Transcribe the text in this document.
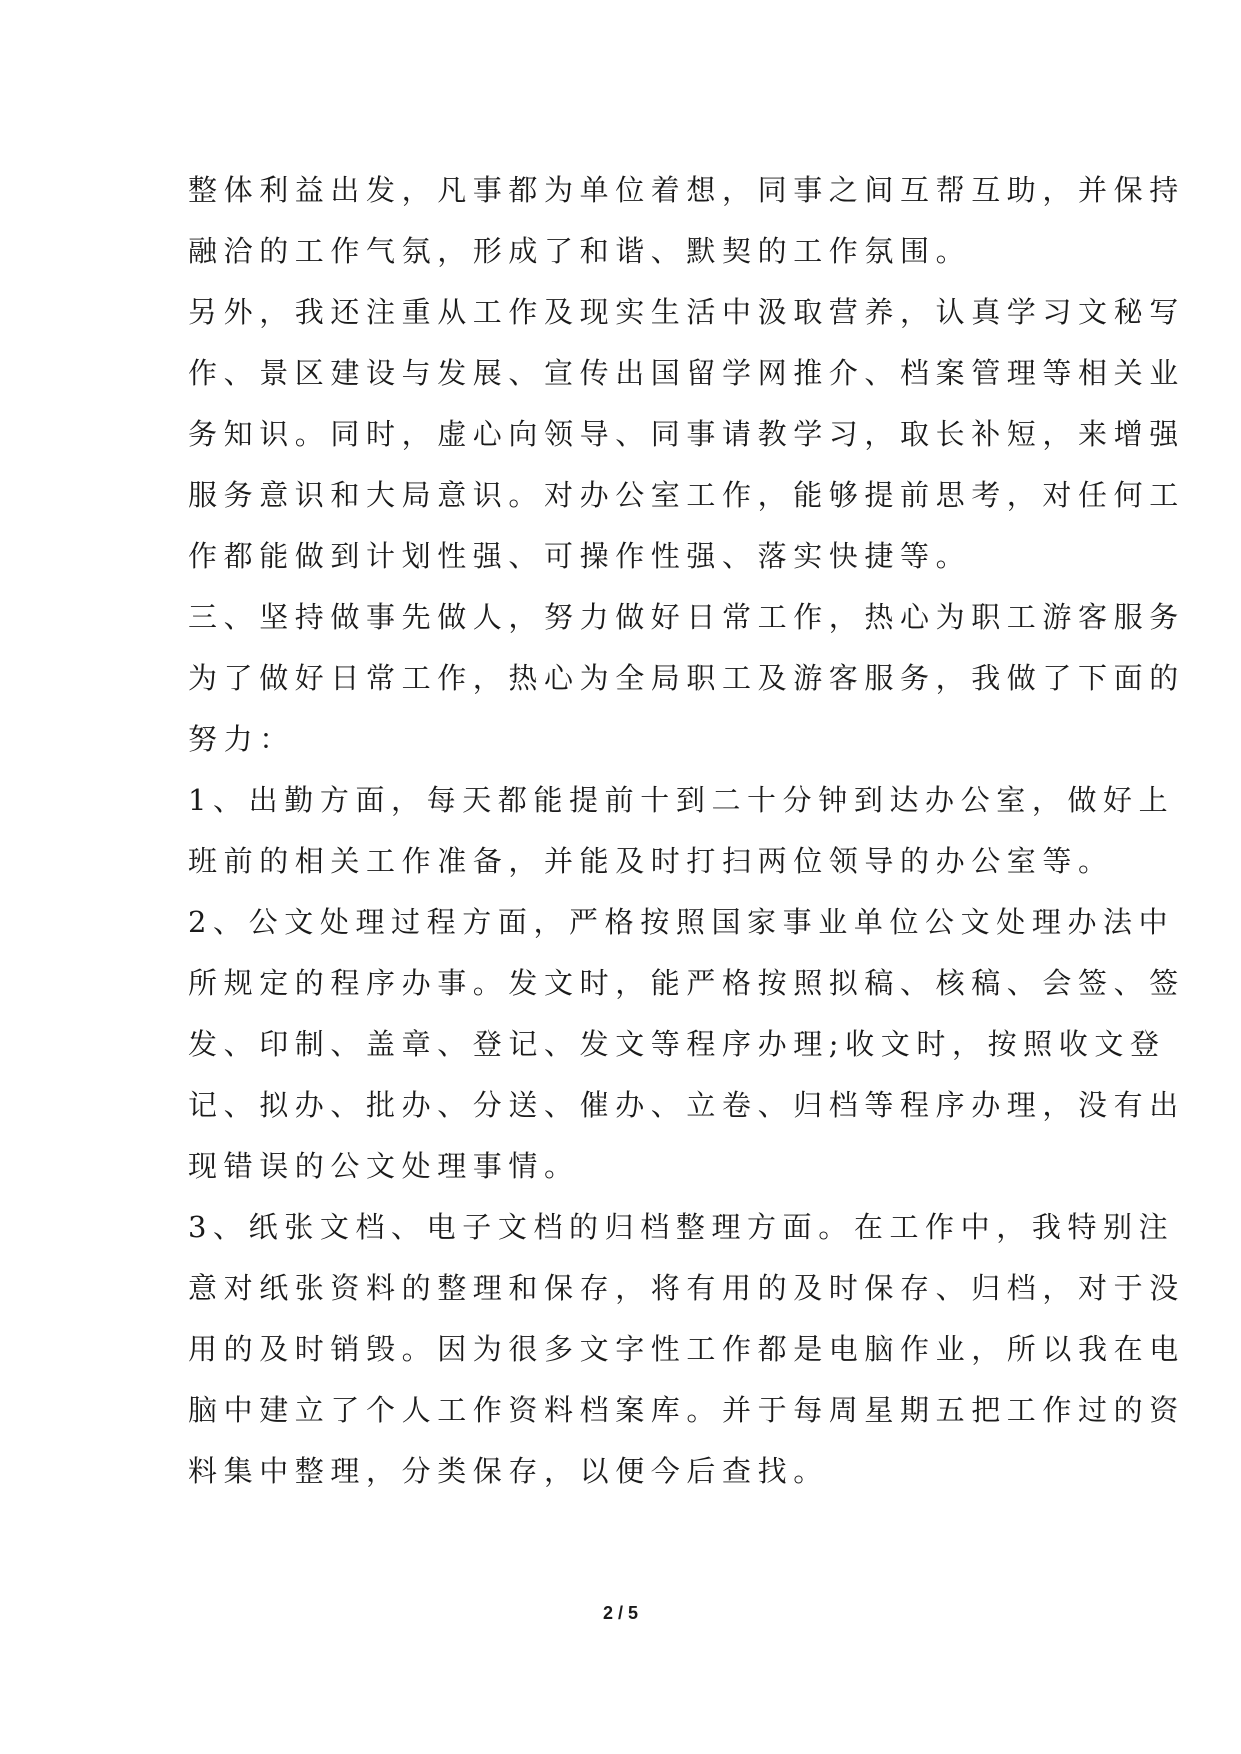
整体利益出发，凡事都为单位着想，同事之间互帮互助，并保持
融洽的工作气氛，形成了和谐、默契的工作氛围。
另外，我还注重从工作及现实生活中汲取营养，认真学习文秘写
作、景区建设与发展、宣传出国留学网推介、档案管理等相关业
务知识。同时，虚心向领导、同事请教学习，取长补短，来增强
服务意识和大局意识。对办公室工作，能够提前思考，对任何工
作都能做到计划性强、可操作性强、落实快捷等。
三、坚持做事先做人，努力做好日常工作，热心为职工游客服务
为了做好日常工作，热心为全局职工及游客服务，我做了下面的
努力：
1、出勤方面，每天都能提前十到二十分钟到达办公室，做好上
班前的相关工作准备，并能及时打扫两位领导的办公室等。
2、公文处理过程方面，严格按照国家事业单位公文处理办法中
所规定的程序办事。发文时，能严格按照拟稿、核稿、会签、签
发、印制、盖章、登记、发文等程序办理;收文时，按照收文登
记、拟办、批办、分送、催办、立卷、归档等程序办理，没有出
现错误的公文处理事情。
3、纸张文档、电子文档的归档整理方面。在工作中，我特别注
意对纸张资料的整理和保存，将有用的及时保存、归档，对于没
用的及时销毁。因为很多文字性工作都是电脑作业，所以我在电
脑中建立了个人工作资料档案库。并于每周星期五把工作过的资
料集中整理，分类保存，以便今后查找。
2 / 5
